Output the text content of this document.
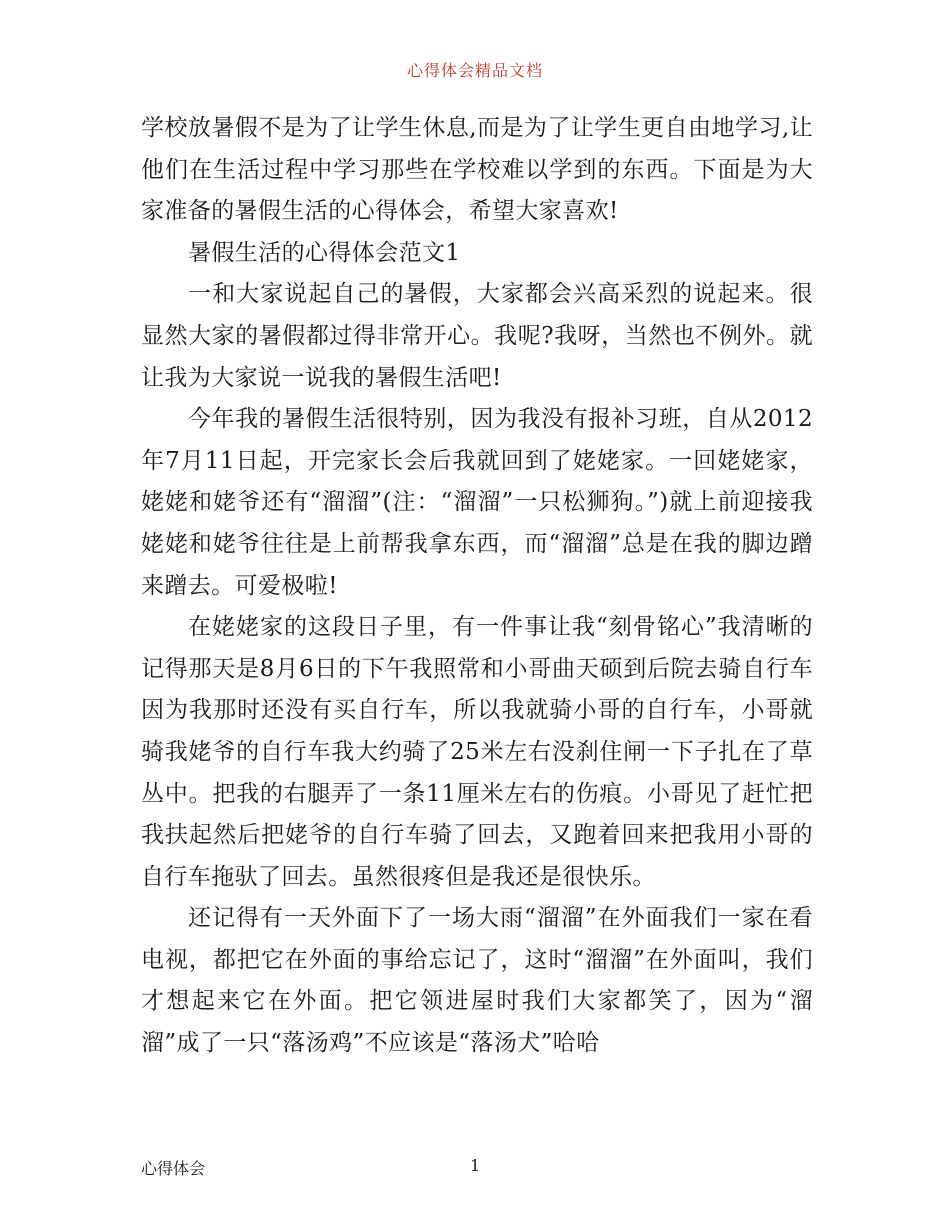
心得体会精品文档

学校放暑假不是为了让学生休息,而是为了让学生更自由地学习,让他们在生活过程中学习那些在学校难以学到的东西。下面是为大家准备的暑假生活的心得体会，希望大家喜欢!

暑假生活的心得体会范文1

一和大家说起自己的暑假，大家都会兴高采烈的说起来。很显然大家的暑假都过得非常开心。我呢?我呀，当然也不例外。就让我为大家说一说我的暑假生活吧!

今年我的暑假生活很特别，因为我没有报补习班，自从2012年7月11日起，开完家长会后我就回到了姥姥家。一回姥姥家，姥姥和姥爷还有“溜溜”(注：“溜溜”一只松狮狗。”)就上前迎接我姥姥和姥爷往往是上前帮我拿东西，而“溜溜”总是在我的脚边蹭来蹭去。可爱极啦!

在姥姥家的这段日子里，有一件事让我“刻骨铭心”我清晰的记得那天是8月6日的下午我照常和小哥曲天硕到后院去骑自行车因为我那时还没有买自行车，所以我就骑小哥的自行车，小哥就骑我姥爷的自行车我大约骑了25米左右没刹住闸一下子扎在了草丛中。把我的右腿弄了一条11厘米左右的伤痕。小哥见了赶忙把我扶起然后把姥爷的自行车骑了回去，又跑着回来把我用小哥的自行车拖驮了回去。虽然很疼但是我还是很快乐。

还记得有一天外面下了一场大雨“溜溜”在外面我们一家在看电视，都把它在外面的事给忘记了，这时“溜溜”在外面叫，我们才想起来它在外面。把它领进屋时我们大家都笑了，因为“溜溜”成了一只“落汤鸡”不应该是“落汤犬”哈哈

心得体会	1
